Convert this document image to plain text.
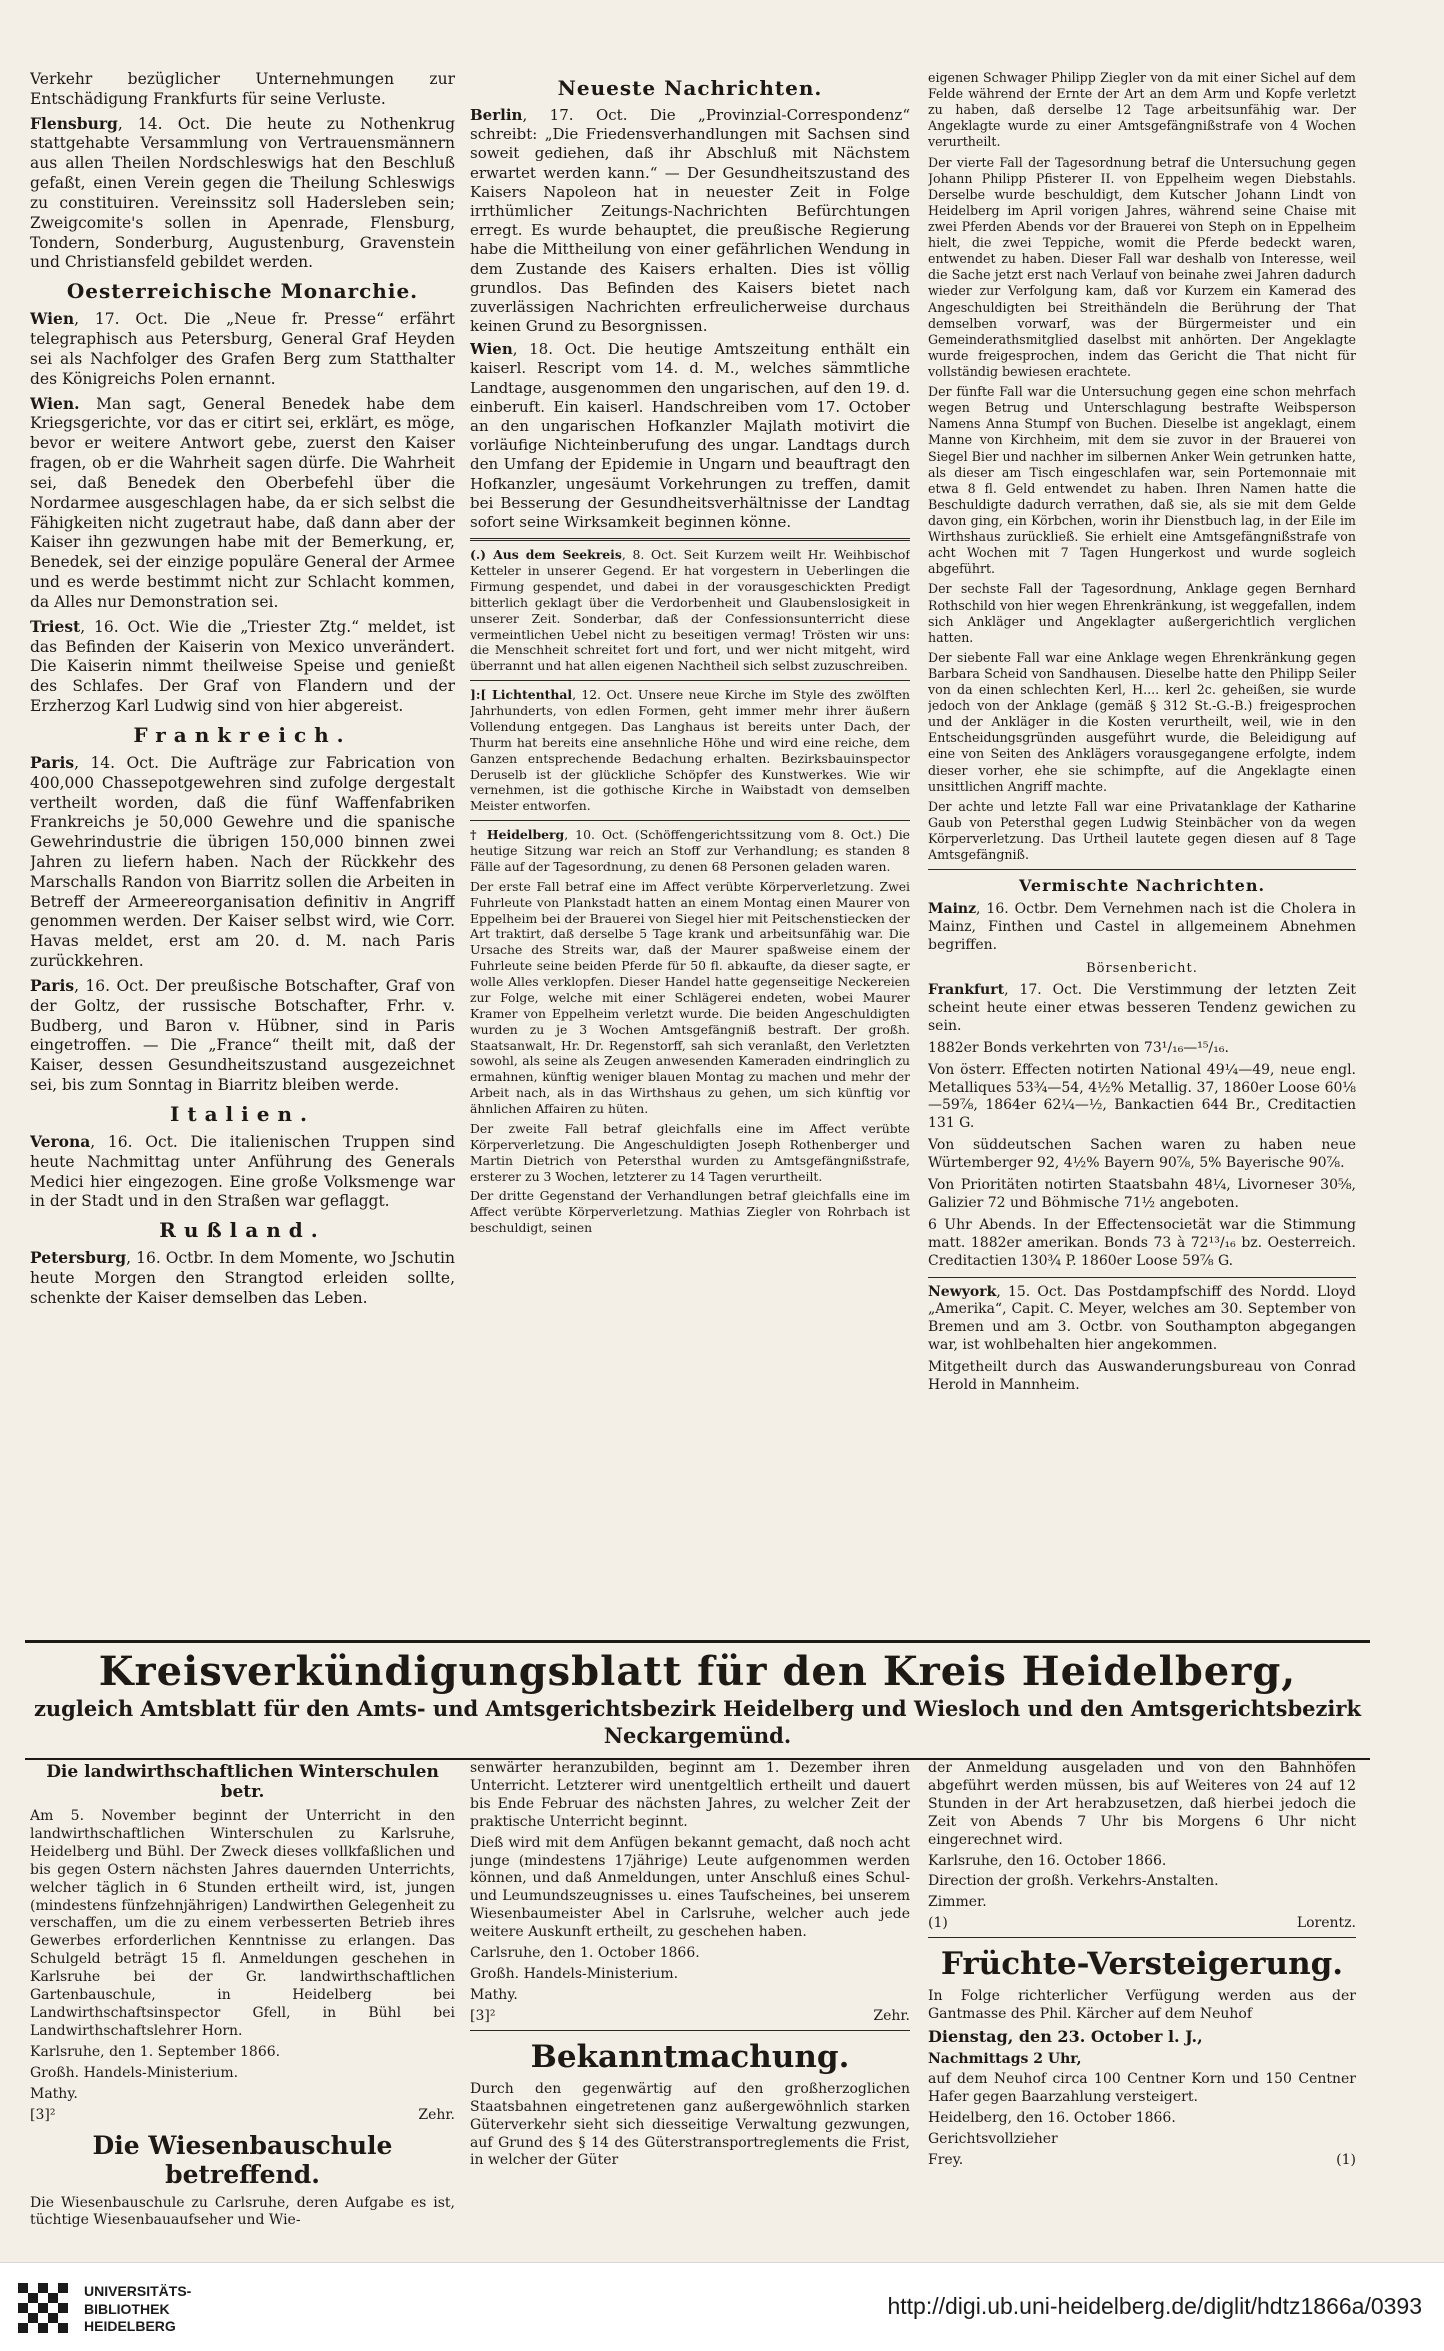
Verkehr bezüglicher Unternehmungen zur Entschädigung Frankfurts für seine Verluste.

Flensburg, 14. Oct. Die heute zu Nothenkrug stattgehabte Versammlung von Vertrauensmännern aus allen Theilen Nordschleswigs hat den Beschluß gefaßt, einen Verein gegen die Theilung Schleswigs zu constituiren. Vereinssitz soll Hadersleben sein; Zweigcomite's sollen in Apenrade, Flensburg, Tondern, Sonderburg, Augustenburg, Gravenstein und Christiansfeld gebildet werden.

Oesterreichische Monarchie.

Wien, 17. Oct. Die „Neue fr. Presse“ erfährt telegraphisch aus Petersburg, General Graf Heyden sei als Nachfolger des Grafen Berg zum Statthalter des Königreichs Polen ernannt.

Wien. Man sagt, General Benedek habe dem Kriegsgerichte, vor das er citirt sei, erklärt, es möge, bevor er weitere Antwort gebe, zuerst den Kaiser fragen, ob er die Wahrheit sagen dürfe. Die Wahrheit sei, daß Benedek den Oberbefehl über die Nordarmee ausgeschlagen habe, da er sich selbst die Fähigkeiten nicht zugetraut habe, daß dann aber der Kaiser ihn gezwungen habe mit der Bemerkung, er, Benedek, sei der einzige populäre General der Armee und es werde bestimmt nicht zur Schlacht kommen, da Alles nur Demonstration sei.

Triest, 16. Oct. Wie die „Triester Ztg.“ meldet, ist das Befinden der Kaiserin von Mexico unverändert. Die Kaiserin nimmt theilweise Speise und genießt des Schlafes. Der Graf von Flandern und der Erzherzog Karl Ludwig sind von hier abgereist.

Frankreich.

Paris, 14. Oct. Die Aufträge zur Fabrication von 400,000 Chassepotgewehren sind zufolge dergestalt vertheilt worden, daß die fünf Waffenfabriken Frankreichs je 50,000 Gewehre und die spanische Gewehrindustrie die übrigen 150,000 binnen zwei Jahren zu liefern haben. Nach der Rückkehr des Marschalls Randon von Biarritz sollen die Arbeiten in Betreff der Armeereorganisation definitiv in Angriff genommen werden. Der Kaiser selbst wird, wie Corr. Havas meldet, erst am 20. d. M. nach Paris zurückkehren.

Paris, 16. Oct. Der preußische Botschafter, Graf von der Goltz, der russische Botschafter, Frhr. v. Budberg, und Baron v. Hübner, sind in Paris eingetroffen. — Die „France“ theilt mit, daß der Kaiser, dessen Gesundheitszustand ausgezeichnet sei, bis zum Sonntag in Biarritz bleiben werde.

Italien.

Verona, 16. Oct. Die italienischen Truppen sind heute Nachmittag unter Anführung des Generals Medici hier eingezogen. Eine große Volksmenge war in der Stadt und in den Straßen war geflaggt.

Rußland.

Petersburg, 16. Octbr. In dem Momente, wo Jschutin heute Morgen den Strangtod erleiden sollte, schenkte der Kaiser demselben das Leben.

Neueste Nachrichten.

Berlin, 17. Oct. Die „Provinzial-Correspondenz“ schreibt: „Die Friedensverhandlungen mit Sachsen sind soweit gediehen, daß ihr Abschluß mit Nächstem erwartet werden kann.“ — Der Gesundheitszustand des Kaisers Napoleon hat in neuester Zeit in Folge irrthümlicher Zeitungs-Nachrichten Befürchtungen erregt. Es wurde behauptet, die preußische Regierung habe die Mittheilung von einer gefährlichen Wendung in dem Zustande des Kaisers erhalten. Dies ist völlig grundlos. Das Befinden des Kaisers bietet nach zuverlässigen Nachrichten erfreulicherweise durchaus keinen Grund zu Besorgnissen.

Wien, 18. Oct. Die heutige Amtszeitung enthält ein kaiserl. Rescript vom 14. d. M., welches sämmtliche Landtage, ausgenommen den ungarischen, auf den 19. d. einberuft. Ein kaiserl. Handschreiben vom 17. October an den ungarischen Hofkanzler Majlath motivirt die vorläufige Nichteinberufung des ungar. Landtags durch den Umfang der Epidemie in Ungarn und beauftragt den Hofkanzler, ungesäumt Vorkehrungen zu treffen, damit bei Besserung der Gesundheitsverhältnisse der Landtag sofort seine Wirksamkeit beginnen könne.

(.) Aus dem Seekreis, 8. Oct. Seit Kurzem weilt Hr. Weihbischof Ketteler in unserer Gegend. Er hat vorgestern in Ueberlingen die Firmung gespendet, und dabei in der vorausgeschickten Predigt bitterlich geklagt über die Verdorbenheit und Glaubenslosigkeit in unserer Zeit. Sonderbar, daß der Confessionsunterricht diese vermeintlichen Uebel nicht zu beseitigen vermag! Trösten wir uns: die Menschheit schreitet fort und fort, und wer nicht mitgeht, wird überrannt und hat allen eigenen Nachtheil sich selbst zuzuschreiben.

]:[ Lichtenthal, 12. Oct. Unsere neue Kirche im Style des zwölften Jahrhunderts, von edlen Formen, geht immer mehr ihrer äußern Vollendung entgegen. Das Langhaus ist bereits unter Dach, der Thurm hat bereits eine ansehnliche Höhe und wird eine reiche, dem Ganzen entsprechende Bedachung erhalten. Bezirksbauinspector Deruselb ist der glückliche Schöpfer des Kunstwerkes. Wie wir vernehmen, ist die gothische Kirche in Waibstadt von demselben Meister entworfen.

† Heidelberg, 10. Oct. (Schöffengerichtssitzung vom 8. Oct.) Die heutige Sitzung war reich an Stoff zur Verhandlung; es standen 8 Fälle auf der Tagesordnung, zu denen 68 Personen geladen waren.

Der erste Fall betraf eine im Affect verübte Körperverletzung. Zwei Fuhrleute von Plankstadt hatten an einem Montag einen Maurer von Eppelheim bei der Brauerei von Siegel hier mit Peitschenstiecken der Art traktirt, daß derselbe 5 Tage krank und arbeitsunfähig war. Die Ursache des Streits war, daß der Maurer spaßweise einem der Fuhrleute seine beiden Pferde für 50 fl. abkaufte, da dieser sagte, er wolle Alles verklopfen. Dieser Handel hatte gegenseitige Neckereien zur Folge, welche mit einer Schlägerei endeten, wobei Maurer Kramer von Eppelheim verletzt wurde. Die beiden Angeschuldigten wurden zu je 3 Wochen Amtsgefängniß bestraft. Der großh. Staatsanwalt, Hr. Dr. Regenstorff, sah sich veranlaßt, den Verletzten sowohl, als seine als Zeugen anwesenden Kameraden eindringlich zu ermahnen, künftig weniger blauen Montag zu machen und mehr der Arbeit nach, als in das Wirthshaus zu gehen, um sich künftig vor ähnlichen Affairen zu hüten.

Der zweite Fall betraf gleichfalls eine im Affect verübte Körperverletzung. Die Angeschuldigten Joseph Rothenberger und Martin Dietrich von Petersthal wurden zu Amtsgefängnißstrafe, ersterer zu 3 Wochen, letzterer zu 14 Tagen verurtheilt.

Der dritte Gegenstand der Verhandlungen betraf gleichfalls eine im Affect verübte Körperverletzung. Mathias Ziegler von Rohrbach ist beschuldigt, seinen

eigenen Schwager Philipp Ziegler von da mit einer Sichel auf dem Felde während der Ernte der Art an dem Arm und Kopfe verletzt zu haben, daß derselbe 12 Tage arbeitsunfähig war. Der Angeklagte wurde zu einer Amtsgefängnißstrafe von 4 Wochen verurtheilt.

Der vierte Fall der Tagesordnung betraf die Untersuchung gegen Johann Philipp Pfisterer II. von Eppelheim wegen Diebstahls. Derselbe wurde beschuldigt, dem Kutscher Johann Lindt von Heidelberg im April vorigen Jahres, während seine Chaise mit zwei Pferden Abends vor der Brauerei von Steph on in Eppelheim hielt, die zwei Teppiche, womit die Pferde bedeckt waren, entwendet zu haben. Dieser Fall war deshalb von Interesse, weil die Sache jetzt erst nach Verlauf von beinahe zwei Jahren dadurch wieder zur Verfolgung kam, daß vor Kurzem ein Kamerad des Angeschuldigten bei Streithändeln die Berührung der That demselben vorwarf, was der Bürgermeister und ein Gemeinderathsmitglied daselbst mit anhörten. Der Angeklagte wurde freigesprochen, indem das Gericht die That nicht für vollständig bewiesen erachtete.

Der fünfte Fall war die Untersuchung gegen eine schon mehrfach wegen Betrug und Unterschlagung bestrafte Weibsperson Namens Anna Stumpf von Buchen. Dieselbe ist angeklagt, einem Manne von Kirchheim, mit dem sie zuvor in der Brauerei von Siegel Bier und nachher im silbernen Anker Wein getrunken hatte, als dieser am Tisch eingeschlafen war, sein Portemonnaie mit etwa 8 fl. Geld entwendet zu haben. Ihren Namen hatte die Beschuldigte dadurch verrathen, daß sie, als sie mit dem Gelde davon ging, ein Körbchen, worin ihr Dienstbuch lag, in der Eile im Wirthshaus zurückließ. Sie erhielt eine Amtsgefängnißstrafe von acht Wochen mit 7 Tagen Hungerkost und wurde sogleich abgeführt.

Der sechste Fall der Tagesordnung, Anklage gegen Bernhard Rothschild von hier wegen Ehrenkränkung, ist weggefallen, indem sich Ankläger und Angeklagter außergerichtlich verglichen hatten.

Der siebente Fall war eine Anklage wegen Ehrenkränkung gegen Barbara Scheid von Sandhausen. Dieselbe hatte den Philipp Seiler von da einen schlechten Kerl, H.... kerl 2c. geheißen, sie wurde jedoch von der Anklage (gemäß § 312 St.-G.-B.) freigesprochen und der Ankläger in die Kosten verurtheilt, weil, wie in den Entscheidungsgründen ausgeführt wurde, die Beleidigung auf eine von Seiten des Anklägers vorausgegangene erfolgte, indem dieser vorher, ehe sie schimpfte, auf die Angeklagte einen unsittlichen Angriff machte.

Der achte und letzte Fall war eine Privatanklage der Katharine Gaub von Petersthal gegen Ludwig Steinbächer von da wegen Körperverletzung. Das Urtheil lautete gegen diesen auf 8 Tage Amtsgefängniß.

Vermischte Nachrichten.

Mainz, 16. Octbr. Dem Vernehmen nach ist die Cholera in Mainz, Finthen und Castel in allgemeinem Abnehmen begriffen.

Börsenbericht.

Frankfurt, 17. Oct. Die Verstimmung der letzten Zeit scheint heute einer etwas besseren Tendenz gewichen zu sein.

1882er Bonds verkehrten von 73¹/₁₆—¹⁵/₁₆.

Von österr. Effecten notirten National 49¼—49, neue engl. Metalliques 53¾—54, 4½% Metallig. 37, 1860er Loose 60⅛—59⅞, 1864er 62¼—½, Bankactien 644 Br., Creditactien 131 G.

Von süddeutschen Sachen waren zu haben neue Würtemberger 92, 4½% Bayern 90⅞, 5% Bayerische 90⅞.

Von Prioritäten notirten Staatsbahn 48¼, Livorneser 30⅝, Galizier 72 und Böhmische 71½ angeboten.

6 Uhr Abends. In der Effectensocietät war die Stimmung matt. 1882er amerikan. Bonds 73 à 72¹³/₁₆ bz. Oesterreich. Creditactien 130¾ P. 1860er Loose 59⅞ G.

Newyork, 15. Oct. Das Postdampfschiff des Nordd. Lloyd „Amerika“, Capit. C. Meyer, welches am 30. September von Bremen und am 3. Octbr. von Southampton abgegangen war, ist wohlbehalten hier angekommen.

Mitgetheilt durch das Auswanderungsbureau von Conrad Herold in Mannheim.

Kreisverkündigungsblatt für den Kreis Heidelberg,
zugleich Amtsblatt für den Amts- und Amtsgerichtsbezirk Heidelberg und Wiesloch und den Amtsgerichtsbezirk Neckargemünd.
Die landwirthschaftlichen Winterschulen betr.

Am 5. November beginnt der Unterricht in den landwirthschaftlichen Winterschulen zu Karlsruhe, Heidelberg und Bühl. Der Zweck dieses vollkfaßlichen und bis gegen Ostern nächsten Jahres dauernden Unterrichts, welcher täglich in 6 Stunden ertheilt wird, ist, jungen (mindestens fünfzehnjährigen) Landwirthen Gelegenheit zu verschaffen, um die zu einem verbesserten Betrieb ihres Gewerbes erforderlichen Kenntnisse zu erlangen. Das Schulgeld beträgt 15 fl. Anmeldungen geschehen in Karlsruhe bei der Gr. landwirthschaftlichen Gartenbauschule, in Heidelberg bei Landwirthschaftsinspector Gfell, in Bühl bei Landwirthschaftslehrer Horn.

Karlsruhe, den 1. September 1866.

Großh. Handels-Ministerium.

Mathy.

[3]²	Zehr.
Die Wiesenbauschule betreffend.

Die Wiesenbauschule zu Carlsruhe, deren Aufgabe es ist, tüchtige Wiesenbauaufseher und Wie-

senwärter heranzubilden, beginnt am 1. Dezember ihren Unterricht. Letzterer wird unentgeltlich ertheilt und dauert bis Ende Februar des nächsten Jahres, zu welcher Zeit der praktische Unterricht beginnt.

Dieß wird mit dem Anfügen bekannt gemacht, daß noch acht junge (mindestens 17jährige) Leute aufgenommen werden können, und daß Anmeldungen, unter Anschluß eines Schul- und Leumundszeugnisses u. eines Taufscheines, bei unserem Wiesenbaumeister Abel in Carlsruhe, welcher auch jede weitere Auskunft ertheilt, zu geschehen haben.

Carlsruhe, den 1. October 1866.

Großh. Handels-Ministerium.

Mathy.

[3]²	Zehr.
Bekanntmachung.

Durch den gegenwärtig auf den großherzoglichen Staatsbahnen eingetretenen ganz außergewöhnlich starken Güterverkehr sieht sich diesseitige Verwaltung gezwungen, auf Grund des § 14 des Güterstransportreglements die Frist, in welcher der Güter

der Anmeldung ausgeladen und von den Bahnhöfen abgeführt werden müssen, bis auf Weiteres von 24 auf 12 Stunden in der Art herabzusetzen, daß hierbei jedoch die Zeit von Abends 7 Uhr bis Morgens 6 Uhr nicht eingerechnet wird.

Karlsruhe, den 16. October 1866.

Direction der großh. Verkehrs-Anstalten.

Zimmer.

(1)	Lorentz.
Früchte-Versteigerung.

In Folge richterlicher Verfügung werden aus der Gantmasse des Phil. Kärcher auf dem Neuhof

Dienstag, den 23. October l. J.,

Nachmittags 2 Uhr,

auf dem Neuhof circa 100 Centner Korn und 150 Centner Hafer gegen Baarzahlung versteigert.

Heidelberg, den 16. October 1866.

Gerichtsvollzieher

Frey.	(1)
UNIVERSITÄTS-
BIBLIOTHEK
HEIDELBERG
http://digi.ub.uni-heidelberg.de/diglit/hdtz1866a/0393
